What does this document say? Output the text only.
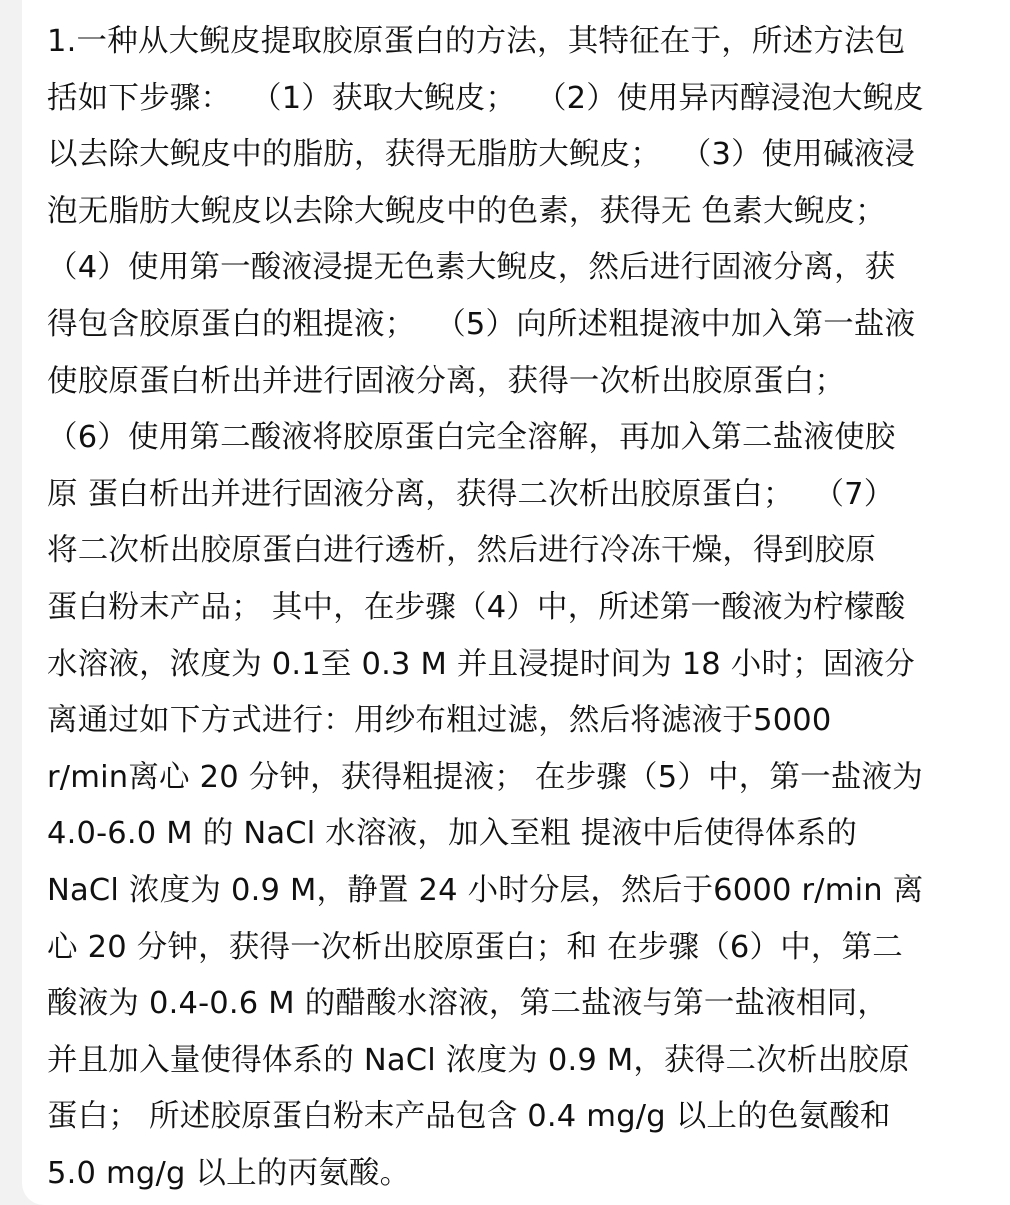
1.一种从大鲵皮提取胶原蛋白的方法，其特征在于，所述方法包
括如下步骤：  （1）获取大鲵皮；  （2）使用异丙醇浸泡大鲵皮
以去除大鲵皮中的脂肪，获得无脂肪大鲵皮；  （3）使用碱液浸
泡无脂肪大鲵皮以去除大鲵皮中的色素，获得无 色素大鲵皮；
（4）使用第一酸液浸提无色素大鲵皮，然后进行固液分离，获
得包含胶原蛋白的粗提液；  （5）向所述粗提液中加入第一盐液
使胶原蛋白析出并进行固液分离，获得一次析出胶原蛋白；
（6）使用第二酸液将胶原蛋白完全溶解，再加入第二盐液使胶
原 蛋白析出并进行固液分离，获得二次析出胶原蛋白；  （7）
将二次析出胶原蛋白进行透析，然后进行冷冻干燥，得到胶原
蛋白粉末产品； 其中，在步骤（4）中，所述第一酸液为柠檬酸
水溶液，浓度为 0.1至 0.3 M 并且浸提时间为 18 小时；固液分
离通过如下方式进行：用纱布粗过滤，然后将滤液于5000
r/min离心 20 分钟，获得粗提液； 在步骤（5）中，第一盐液为
4.0-6.0 M 的 NaCl 水溶液，加入至粗 提液中后使得体系的
NaCl 浓度为 0.9 M，静置 24 小时分层，然后于6000 r/min 离
心 20 分钟，获得一次析出胶原蛋白；和 在步骤（6）中，第二
酸液为 0.4-0.6 M 的醋酸水溶液，第二盐液与第一盐液相同，
并且加入量使得体系的 NaCl 浓度为 0.9 M，获得二次析出胶原
蛋白； 所述胶原蛋白粉末产品包含 0.4 mg/g 以上的色氨酸和
5.0 mg/g 以上的丙氨酸。
